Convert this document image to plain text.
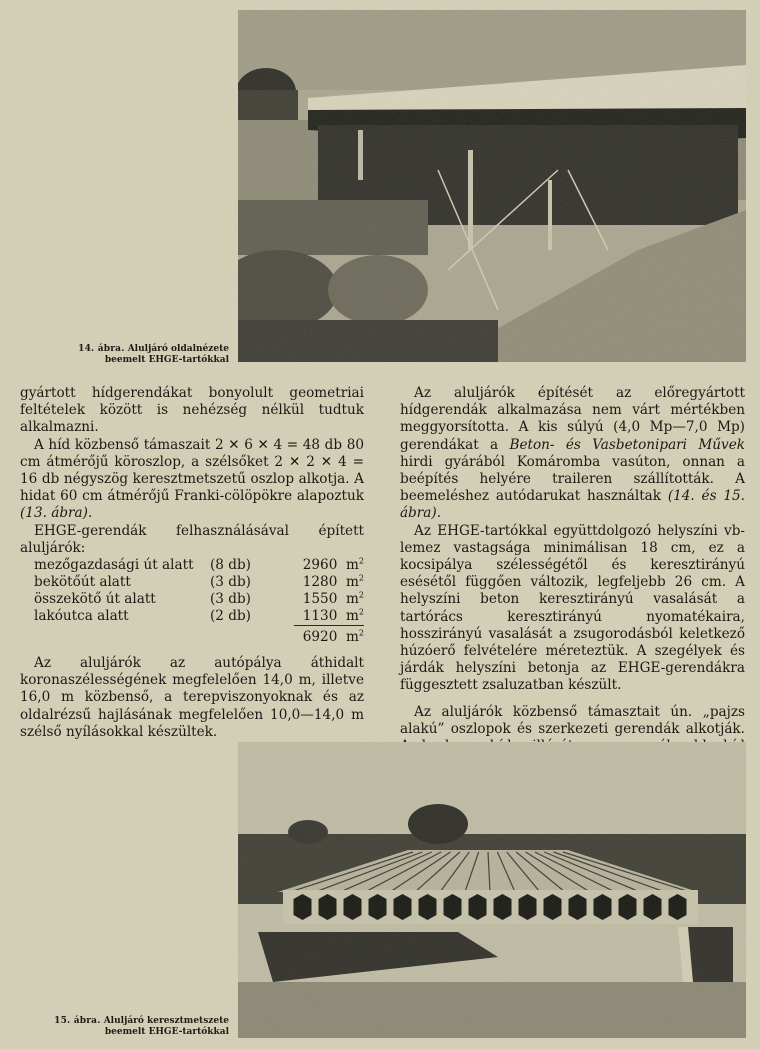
14. ábra. Aluljáró oldalnézete
beemelt EHGE-tartókkal

gyártott hídgerendákat bonyolult geometriai feltételek között is nehézség nélkül tudtuk alkalmazni.

A híd közbenső támaszait 2 ✕ 6 ✕ 4 = 48 db 80 cm átmérőjű köroszlop, a szélsőket 2 ✕ 2 ✕ 4 = 16 db négyszög keresztmetszetű oszlop alkotja. A hidat 60 cm átmérőjű Franki-cölöpökre alapoztuk (13. ábra).

EHGE-gerendák felhasználásával épített aluljárók:

mezőgazdasági út alatt	(8 db)	2960 $m^2$
bekötőút alatt	(3 db)	1280 $m^2$
összekötő út alatt	(3 db)	1550 $m^2$
lakóutca alatt	(2 db)	1130 $m^2$
		6920 $m^2$

Az aluljárók az autópálya áthidalt koronaszélességének megfelelően 14,0 m, illetve 16,0 m közbenső, a terepviszonyoknak és az oldalrézsű hajlásának megfelelően 10,0—14,0 m szélső nyílásokkal készültek.

Az aluljárók építését az előregyártott hídgerendák alkalmazása nem várt mértékben meggyorsította. A kis súlyú (4,0 Mp—7,0 Mp) gerendákat a Beton- és Vasbetonipari Művek hirdi gyárából Komáromba vasúton, onnan a beépítés helyére traileren szállították. A beemeléshez autódarukat használtak (14. és 15. ábra).

Az EHGE-tartókkal együttdolgozó helyszíni vb-lemez vastagsága minimálisan 18 cm, ez a kocsipálya szélességétől és keresztirányú esésétől függően változik, legfeljebb 26 cm. A helyszíni beton keresztirányú vasalását a tartórács keresztirányú nyomatékaira, hosszirányú vasalását a zsugorodásból keletkező húzóerő felvételére méreteztük. A szegélyek és járdák helyszíni betonja az EHGE-gerendákra függesztett zsaluzatban készült.

Az aluljárók közbenső támasztait ún. „pajzs alakú” oszlopok és szerkezeti gerendák alkotják.

15. ábra. Aluljáró keresztmetszete
beemelt EHGE-tartókkal
